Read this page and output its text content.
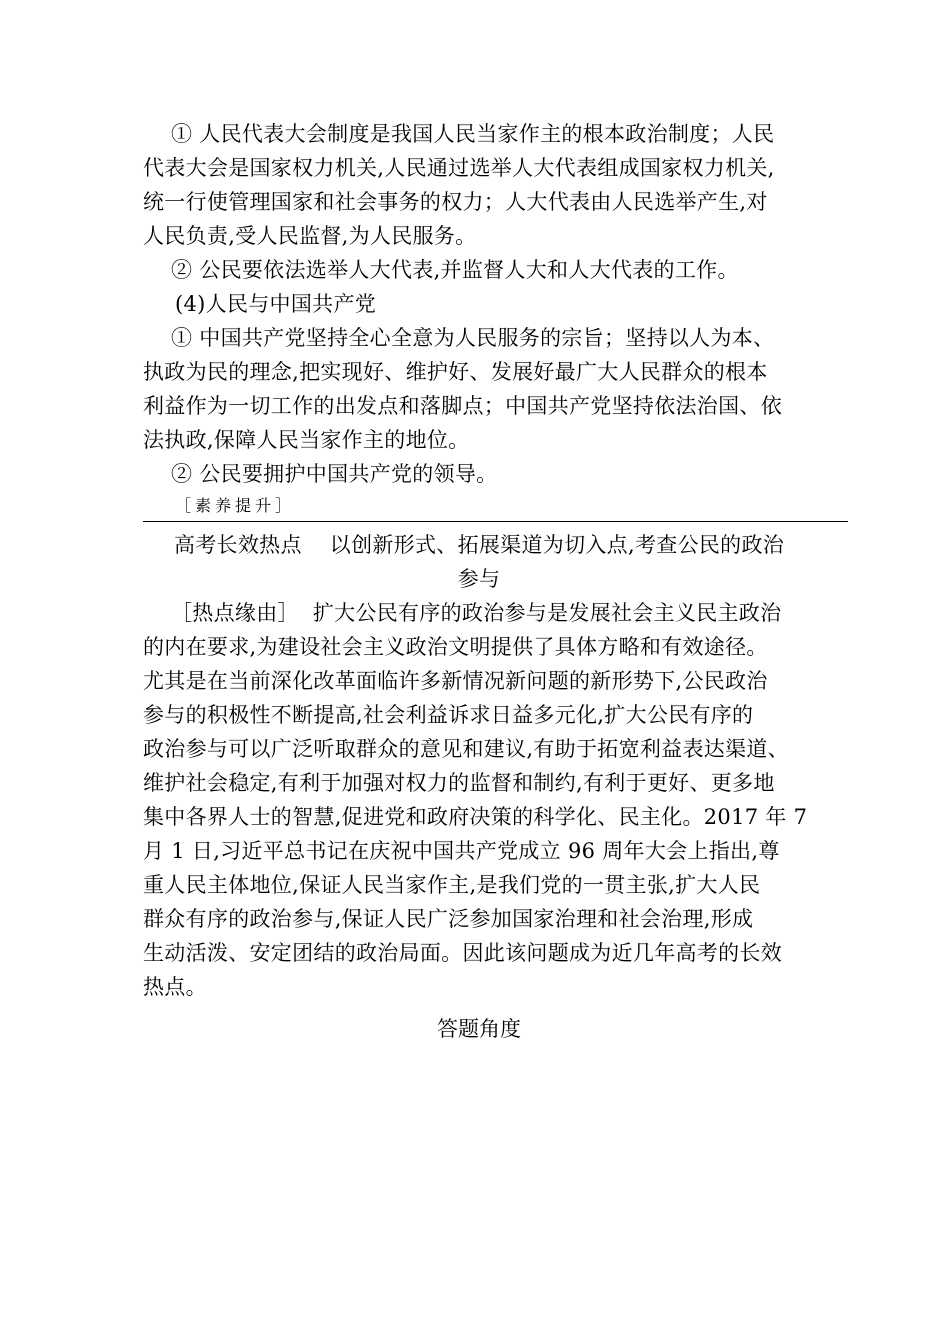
① 人民代表大会制度是我国人民当家作主的根本政治制度；人民
代表大会是国家权力机关,人民通过选举人大代表组成国家权力机关,
统一行使管理国家和社会事务的权力；人大代表由人民选举产生,对
人民负责,受人民监督,为人民服务。
② 公民要依法选举人大代表,并监督人大和人大代表的工作。
(4)人民与中国共产党
① 中国共产党坚持全心全意为人民服务的宗旨；坚持以人为本、
执政为民的理念,把实现好、维护好、发展好最广大人民群众的根本
利益作为一切工作的出发点和落脚点；中国共产党坚持依法治国、依
法执政,保障人民当家作主的地位。
② 公民要拥护中国共产党的领导。
［素养提升］
高考长效热点 以创新形式、拓展渠道为切入点,考查公民的政治
参与
［热点缘由］ 扩大公民有序的政治参与是发展社会主义民主政治
的内在要求,为建设社会主义政治文明提供了具体方略和有效途径。
尤其是在当前深化改革面临许多新情况新问题的新形势下,公民政治
参与的积极性不断提高,社会利益诉求日益多元化,扩大公民有序的
政治参与可以广泛听取群众的意见和建议,有助于拓宽利益表达渠道、
维护社会稳定,有利于加强对权力的监督和制约,有利于更好、更多地
集中各界人士的智慧,促进党和政府决策的科学化、民主化。2017 年 7
月 1 日,习近平总书记在庆祝中国共产党成立 96 周年大会上指出,尊
重人民主体地位,保证人民当家作主,是我们党的一贯主张,扩大人民
群众有序的政治参与,保证人民广泛参加国家治理和社会治理,形成
生动活泼、安定团结的政治局面。因此该问题成为近几年高考的长效
热点。
答题角度
